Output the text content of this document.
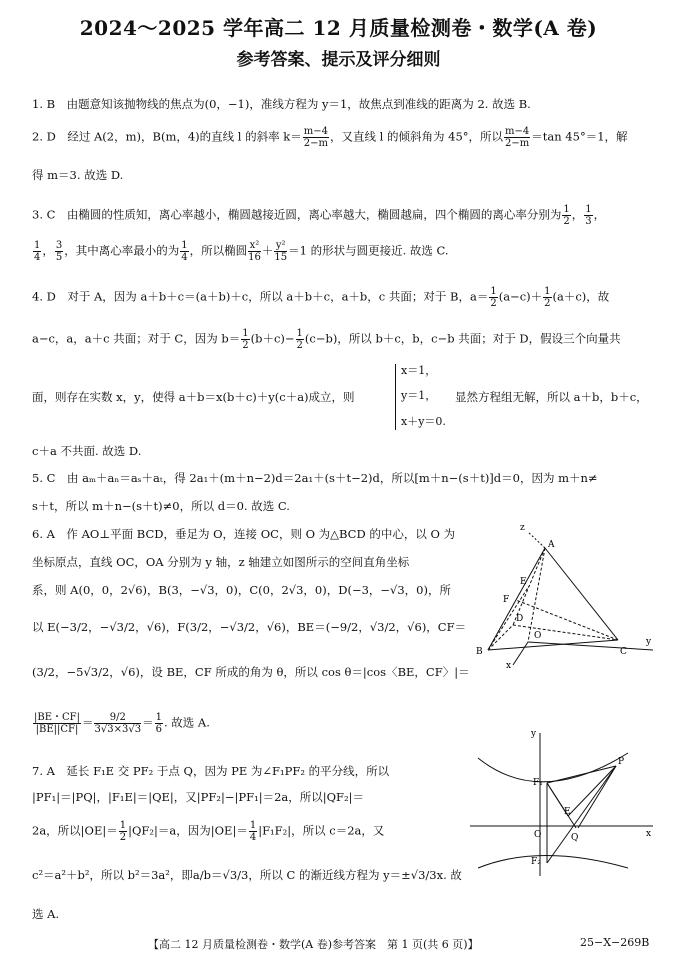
2024～2025 学年高二 12 月质量检测卷・数学(A 卷)
参考答案、提示及评分细则
1. B　由题意知该抛物线的焦点为(0，−1)，准线方程为 y＝1，故焦点到准线的距离为 2. 故选 B.
2. D　经过 A(2，m)，B(m，4)的直线 l 的斜率 $k= \frac{m-4}{2-m}$ ，又直线 l 的倾斜角为 45°，所以 $\frac{m-4}{2-m} =\tan$ 45°＝1，解
得 m＝3. 故选 D.
3. C　由椭圆的性质知，离心率越小，椭圆越接近圆，离心率越大，椭圆越扁，四个椭圆的离心率分别为 $\frac{1}{2}$ ， $\frac{1}{3}$ ，
$\frac{1}{4}$ ， $\frac{3}{5}$ ，其中离心率最小的为 $\frac{1}{4}$ ，所以椭圆 $\frac{\text{x²}}{16} + \frac{\text{y²}}{15} =1$ 的形状与圆更接近. 故选 C.
4. D　对于 A，因为 a＋b＋c＝(a＋b)＋c，所以 a＋b＋c，a＋b，c 共面；对于 B，$a= \frac{1}{2} (a-c)+ \frac{1}{2} (a+c)$，故
a−c，a，a＋c 共面；对于 C，因为 $b= \frac{1}{2} (b+c)- \frac{1}{2} (c-b)$，所以 b＋c，b，c−b 共面；对于 D，假设三个向量共
面，则存在实数 x，y，使得 a＋b＝x(b＋c)＋y(c＋a)成立，则
x＝1，
y＝1，
x＋y＝0.
显然方程组无解，所以 a＋b，b＋c，
c＋a 不共面. 故选 D.
5. C　由 aₘ＋aₙ＝aₛ＋aₜ，得 2a₁＋(m＋n−2)d＝2a₁＋(s＋t−2)d，所以[m＋n−(s＋t)]d＝0，因为 m＋n≠
s＋t，所以 m＋n−(s＋t)≠0，所以 d＝0. 故选 C.
6. A　作 AO⊥平面 BCD，垂足为 O，连接 OC，则 O 为△BCD 的中心，以 O 为
坐标原点，直线 OC，OA 分别为 y 轴，z 轴建立如图所示的空间直角坐标
系，则 A(0，0，2√6)，B(3，−√3，0)，C(0，2√3，0)，D(−3，−√3，0)，所
以 E(−3/2，−√3/2，√6)，F(3/2，−√3/2，√6)，BE＝(−9/2，√3/2，√6)，CF＝
(3/2，−5√3/2，√6)，设 BE，CF 所成的角为 θ，所以 cos θ＝|cos〈BE，CF〉|＝
$\frac{|BE・CF|}{|BE||CF|} = \frac{9/2}{3√3\times 3√3} = \frac{1}{6}$ . 故选 A.
z
A
E
F
D
O
B	C
x
y
7. A　延长 F₁E 交 PF₂ 于点 Q，因为 PE 为∠F₁PF₂ 的平分线，所以
|PF₁|＝|PQ|，|F₁E|＝|QE|，又|PF₂|−|PF₁|＝2a，所以|QF₂|＝
2a，所以$|OE|= \frac{1}{2} |QF_2|=a$，因为$|OE|= \frac{1}{4} |F_1F_2|$，所以 c＝2a，又
c²＝a²＋b²，所以 b²＝3a²，即a/b＝√3/3，所以 C 的渐近线方程为 y＝±√3/3x. 故
选 A.
y
P
F₁
E
O	Q	x
F₂
【高二 12 月质量检测卷・数学(A 卷)参考答案　第 1 页(共 6 页)】	25−X−269B
